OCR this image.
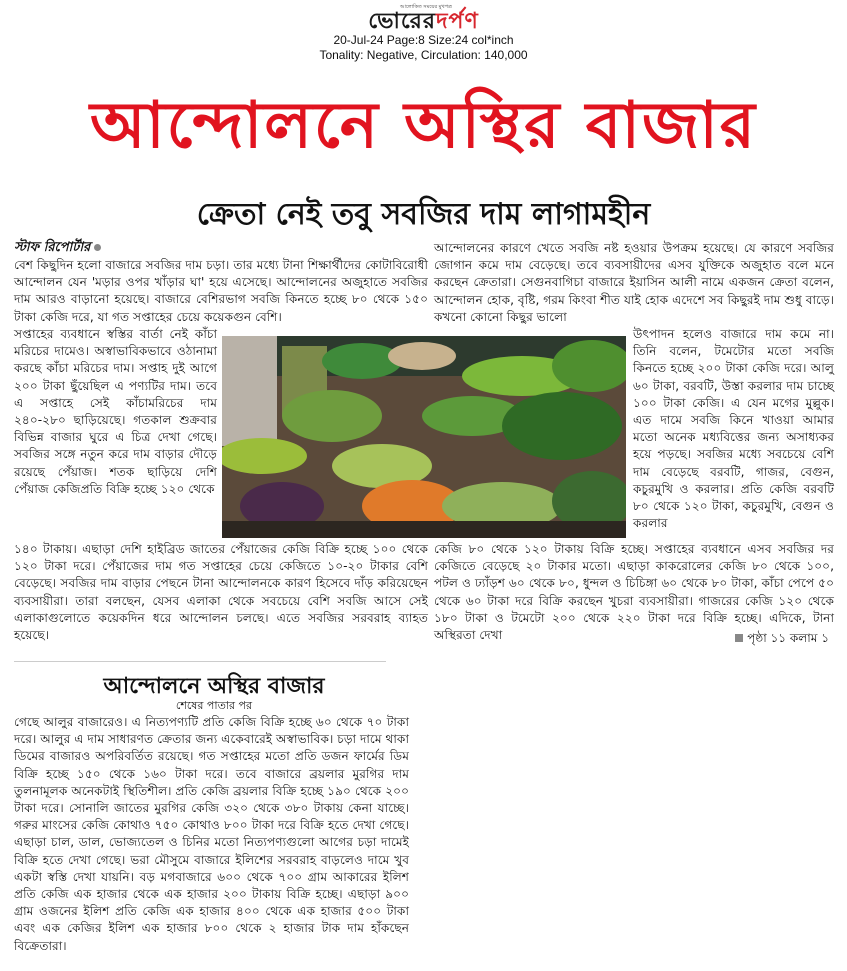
আলোকিত সময়ের মুখপত্র
ভোরেরদর্পণ
20-Jul-24 Page:8 Size:24 col*inch
Tonality: Negative, Circulation: 140,000
আন্দোলনে অস্থির বাজার
ক্রেতা নেই তবু সবজির দাম লাগামহীন
স্টাফ রিপোর্টার

বেশ কিছুদিন হলো বাজারে সবজির দাম চড়া। তার মধ্যে টানা শিক্ষার্থীদের কোটাবিরোধী আন্দোলন যেন 'মড়ার ওপর খাঁড়ার ঘা' হয়ে এসেছে। আন্দোলনের অজুহাতে সবজির দাম আরও বাড়ানো হয়েছে। বাজারে বেশিরভাগ সবজি কিনতে হচ্ছে ৮০ থেকে ১৫০ টাকা কেজি দরে, যা গত সপ্তাহের চেয়ে কয়েকগুন বেশি।

সপ্তাহের ব্যবধানে স্বস্তির বার্তা নেই কাঁচা মরিচের দামেও। অস্বাভাবিকভাবে ওঠানামা করছে কাঁচা মরিচের দাম। সপ্তাহ দুই আগে ২০০ টাকা ছুঁয়েছিল এ পণ্যটির দাম। তবে এ সপ্তাহে সেই কাঁচামরিচের দাম ২৪০-২৮০ ছাড়িয়েছে। গতকাল শুক্রবার বিভিন্ন বাজার ঘুরে এ চিত্র দেখা গেছে। সবজির সঙ্গে নতুন করে দাম বাড়ার দৌড়ে রয়েছে পেঁয়াজ। শতক ছাড়িয়ে দেশি পেঁয়াজ কেজিপ্রতি বিক্রি হচ্ছে ১২০ থেকে

১৪০ টাকায়। এছাড়া দেশি হাইব্রিড জাতের পেঁয়াজের কেজি বিক্রি হচ্ছে ১০০ থেকে ১২০ টাকা দরে। পেঁয়াজের দাম গত সপ্তাহের চেয়ে কেজিতে ১০-২০ টাকার বেশি বেড়েছে। সবজির দাম বাড়ার পেছনে টানা আন্দোলনকে কারণ হিসেবে দাঁড় করিয়েছেন ব্যবসায়ীরা। তারা বলছেন, যেসব এলাকা থেকে সবচেয়ে বেশি সবজি আসে সেই এলাকাগুলোতে কয়েকদিন ধরে আন্দোলন চলছে। এতে সবজির সরবরাহ ব্যাহত হয়েছে।

আন্দোলনের কারণে খেতে সবজি নষ্ট হওয়ার উপক্রম হয়েছে। যে কারণে সবজির জোগান কমে দাম বেড়েছে। তবে ব্যবসায়ীদের এসব যুক্তিকে অজুহাত বলে মনে করছেন ক্রেতারা। সেগুনবাগিচা বাজারে ইয়াসিন আলী নামে একজন ক্রেতা বলেন, আন্দোলন হোক, বৃষ্টি, গরম কিংবা শীত যাই হোক এদেশে সব কিছুরই দাম শুধু বাড়ে। কখনো কোনো কিছুর ভালো

উৎপাদন হলেও বাজারে দাম কমে না। তিনি বলেন, টমেটোর মতো সবজি কিনতে হচ্ছে ২০০ টাকা কেজি দরে। আলু ৬০ টাকা, বরবটি, উস্তা করলার দাম চাচ্ছে ১০০ টাকা কেজি। এ যেন মগের মুল্লুক। এত দামে সবজি কিনে খাওয়া আমার মতো অনেক মধ্যবিত্তের জন্য অসাধ্যকর হয়ে পড়ছে। সবজির মধ্যে সবচেয়ে বেশি দাম বেড়েছে বরবটি, গাজর, বেগুন, কচুরমুখি ও করলার। প্রতি কেজি বরবটি ৮০ থেকে ১২০ টাকা, কচুরমুখি, বেগুন ও করলার

কেজি ৮০ থেকে ১২০ টাকায় বিক্রি হচ্ছে। সপ্তাহের ব্যবধানে এসব সবজির দর কেজিতে বেড়েছে ২০ টাকার মতো। এছাড়া কাকরোলের কেজি ৮০ থেকে ১০০, পটল ও ঢ্যাঁড়শ ৬০ থেকে ৮০, ধুন্দল ও চিচিঙ্গা ৬০ থেকে ৮০ টাকা, কাঁচা পেপে ৫০ থেকে ৬০ টাকা দরে বিক্রি করছেন খুচরা ব্যবসায়ীরা। গাজরের কেজি ১২০ থেকে ১৮০ টাকা ও টমেটো ২০০ থেকে ২২০ টাকা দরে বিক্রি হচ্ছে। এদিকে, টানা অস্থিরতা দেখা	পৃষ্ঠা ১১ কলাম ১
আন্দোলনে অস্থির বাজার
শেষের পাতার পর
গেছে আলুর বাজারেও। এ নিত্যপণ্যটি প্রতি কেজি বিক্রি হচ্ছে ৬০ থেকে ৭০ টাকা দরে। আলুর এ দাম সাধারণত ক্রেতার জন্য একেবারেই অস্বাভাবিক। চড়া দামে থাকা ডিমের বাজারও অপরিবর্তিত রয়েছে। গত সপ্তাহের মতো প্রতি ডজন ফার্মের ডিম বিক্রি হচ্ছে ১৫০ থেকে ১৬০ টাকা দরে। তবে বাজারে ব্রয়লার মুরগির দাম তুলনামূলক অনেকটাই স্থিতিশীল। প্রতি কেজি ব্রয়লার বিক্রি হচ্ছে ১৯০ থেকে ২০০ টাকা দরে। সোনালি জাতের মুরগির কেজি ৩২০ থেকে ৩৮০ টাকায় কেনা যাচ্ছে। গরুর মাংসের কেজি কোথাও ৭৫০ কোথাও ৮০০ টাকা দরে বিক্রি হতে দেখা গেছে। এছাড়া চাল, ডাল, ভোজ্যতেল ও চিনির মতো নিত্যপণ্যগুলো আগের চড়া দামেই বিক্রি হতে দেখা গেছে। ভরা মৌসুমে বাজারে ইলিশের সরবরাহ বাড়লেও দামে খুব একটা স্বস্তি দেখা যায়নি। বড় মগবাজারে ৬০০ থেকে ৭০০ গ্রাম আকারের ইলিশ প্রতি কেজি এক হাজার থেকে এক হাজার ২০০ টাকায় বিক্রি হচ্ছে। এছাড়া ৯০০ গ্রাম ওজনের ইলিশ প্রতি কেজি এক হাজার ৪০০ থেকে এক হাজার ৫০০ টাকা এবং এক কেজির ইলিশ এক হাজার ৮০০ থেকে ২ হাজার টাক দাম হাঁকছেন বিক্রেতারা।
